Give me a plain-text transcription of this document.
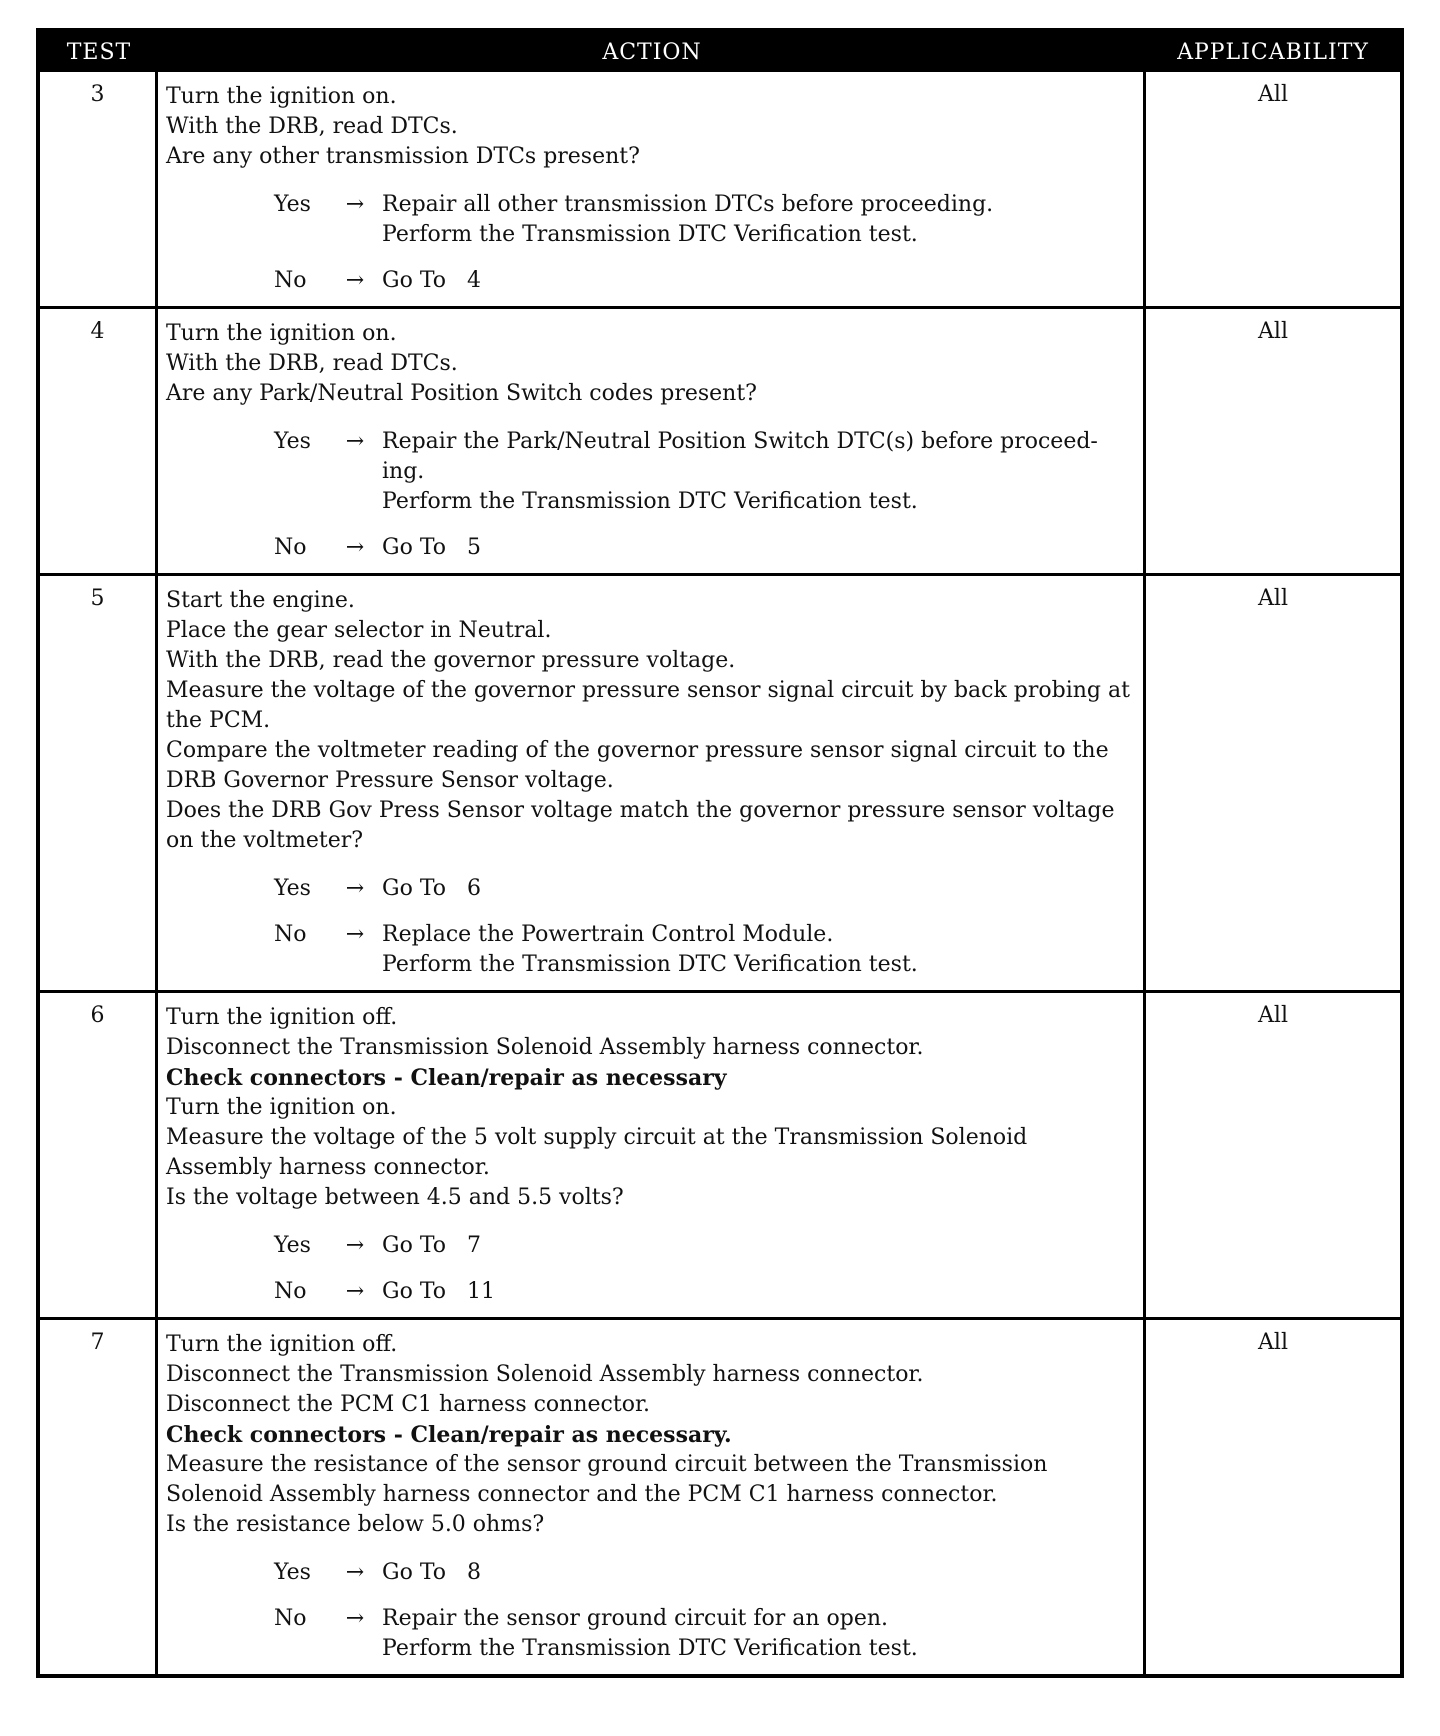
TEST	ACTION	APPLICABILITY
3	Turn the ignition on.
With the DRB, read DTCs.
Are any other transmission DTCs present?
Yes	→ Repair all other transmission DTCs before proceeding.
Perform the Transmission DTC Verification test.
No	→ Go To   4
All
4	Turn the ignition on.
With the DRB, read DTCs.
Are any Park/Neutral Position Switch codes present?
Yes	→ Repair the Park/Neutral Position Switch DTC(s) before proceed-
ing.
Perform the Transmission DTC Verification test.
No	→ Go To   5
All
5	Start the engine.
Place the gear selector in Neutral.
With the DRB, read the governor pressure voltage.
Measure the voltage of the governor pressure sensor signal circuit by back probing at
the PCM.
Compare the voltmeter reading of the governor pressure sensor signal circuit to the
DRB Governor Pressure Sensor voltage.
Does the DRB Gov Press Sensor voltage match the governor pressure sensor voltage
on the voltmeter?
Yes	→ Go To   6
No	→ Replace the Powertrain Control Module.
Perform the Transmission DTC Verification test.
All
6	Turn the ignition off.
Disconnect the Transmission Solenoid Assembly harness connector.
Check connectors - Clean/repair as necessary
Turn the ignition on.
Measure the voltage of the 5 volt supply circuit at the Transmission Solenoid
Assembly harness connector.
Is the voltage between 4.5 and 5.5 volts?
Yes	→ Go To   7
No	→ Go To   11
All
7	Turn the ignition off.
Disconnect the Transmission Solenoid Assembly harness connector.
Disconnect the PCM C1 harness connector.
Check connectors - Clean/repair as necessary.
Measure the resistance of the sensor ground circuit between the Transmission
Solenoid Assembly harness connector and the PCM C1 harness connector.
Is the resistance below 5.0 ohms?
Yes	→ Go To   8
No	→ Repair the sensor ground circuit for an open.
Perform the Transmission DTC Verification test.
All
